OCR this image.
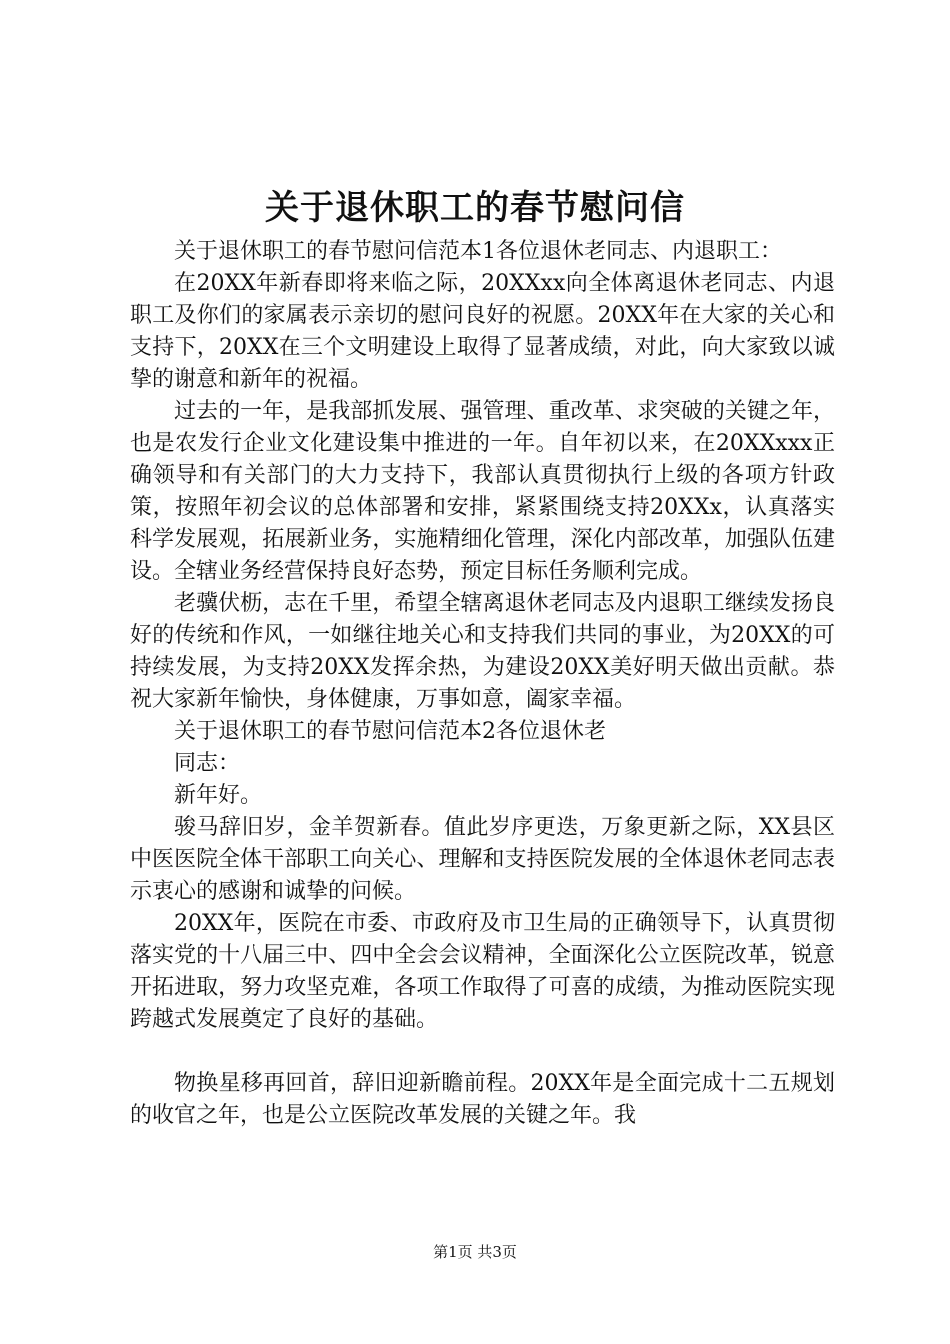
关于退休职工的春节慰问信

关于退休职工的春节慰问信范本1各位退休老同志、内退职工：

在20XX年新春即将来临之际，20XXxx向全体离退休老同志、内退职工及你们的家属表示亲切的慰问良好的祝愿。20XX年在大家的关心和支持下，20XX在三个文明建设上取得了显著成绩，对此，向大家致以诚挚的谢意和新年的祝福。

过去的一年，是我部抓发展、强管理、重改革、求突破的关键之年，也是农发行企业文化建设集中推进的一年。自年初以来，在20XXxxx正确领导和有关部门的大力支持下，我部认真贯彻执行上级的各项方针政策，按照年初会议的总体部署和安排，紧紧围绕支持20XXx，认真落实科学发展观，拓展新业务，实施精细化管理，深化内部改革，加强队伍建设。全辖业务经营保持良好态势，预定目标任务顺利完成。

老骥伏枥，志在千里，希望全辖离退休老同志及内退职工继续发扬良好的传统和作风，一如继往地关心和支持我们共同的事业，为20XX的可持续发展，为支持20XX发挥余热，为建设20XX美好明天做出贡献。恭祝大家新年愉快，身体健康，万事如意，阖家幸福。

关于退休职工的春节慰问信范本2各位退休老

同志：

新年好。

骏马辞旧岁，金羊贺新春。值此岁序更迭，万象更新之际，XX县区中医医院全体干部职工向关心、理解和支持医院发展的全体退休老同志表示衷心的感谢和诚挚的问候。

20XX年，医院在市委、市政府及市卫生局的正确领导下，认真贯彻落实党的十八届三中、四中全会会议精神，全面深化公立医院改革，锐意开拓进取，努力攻坚克难，各项工作取得了可喜的成绩，为推动医院实现跨越式发展奠定了良好的基础。

物换星移再回首，辞旧迎新瞻前程。20XX年是全面完成十二五规划的收官之年，也是公立医院改革发展的关键之年。我

第1页 共3页
